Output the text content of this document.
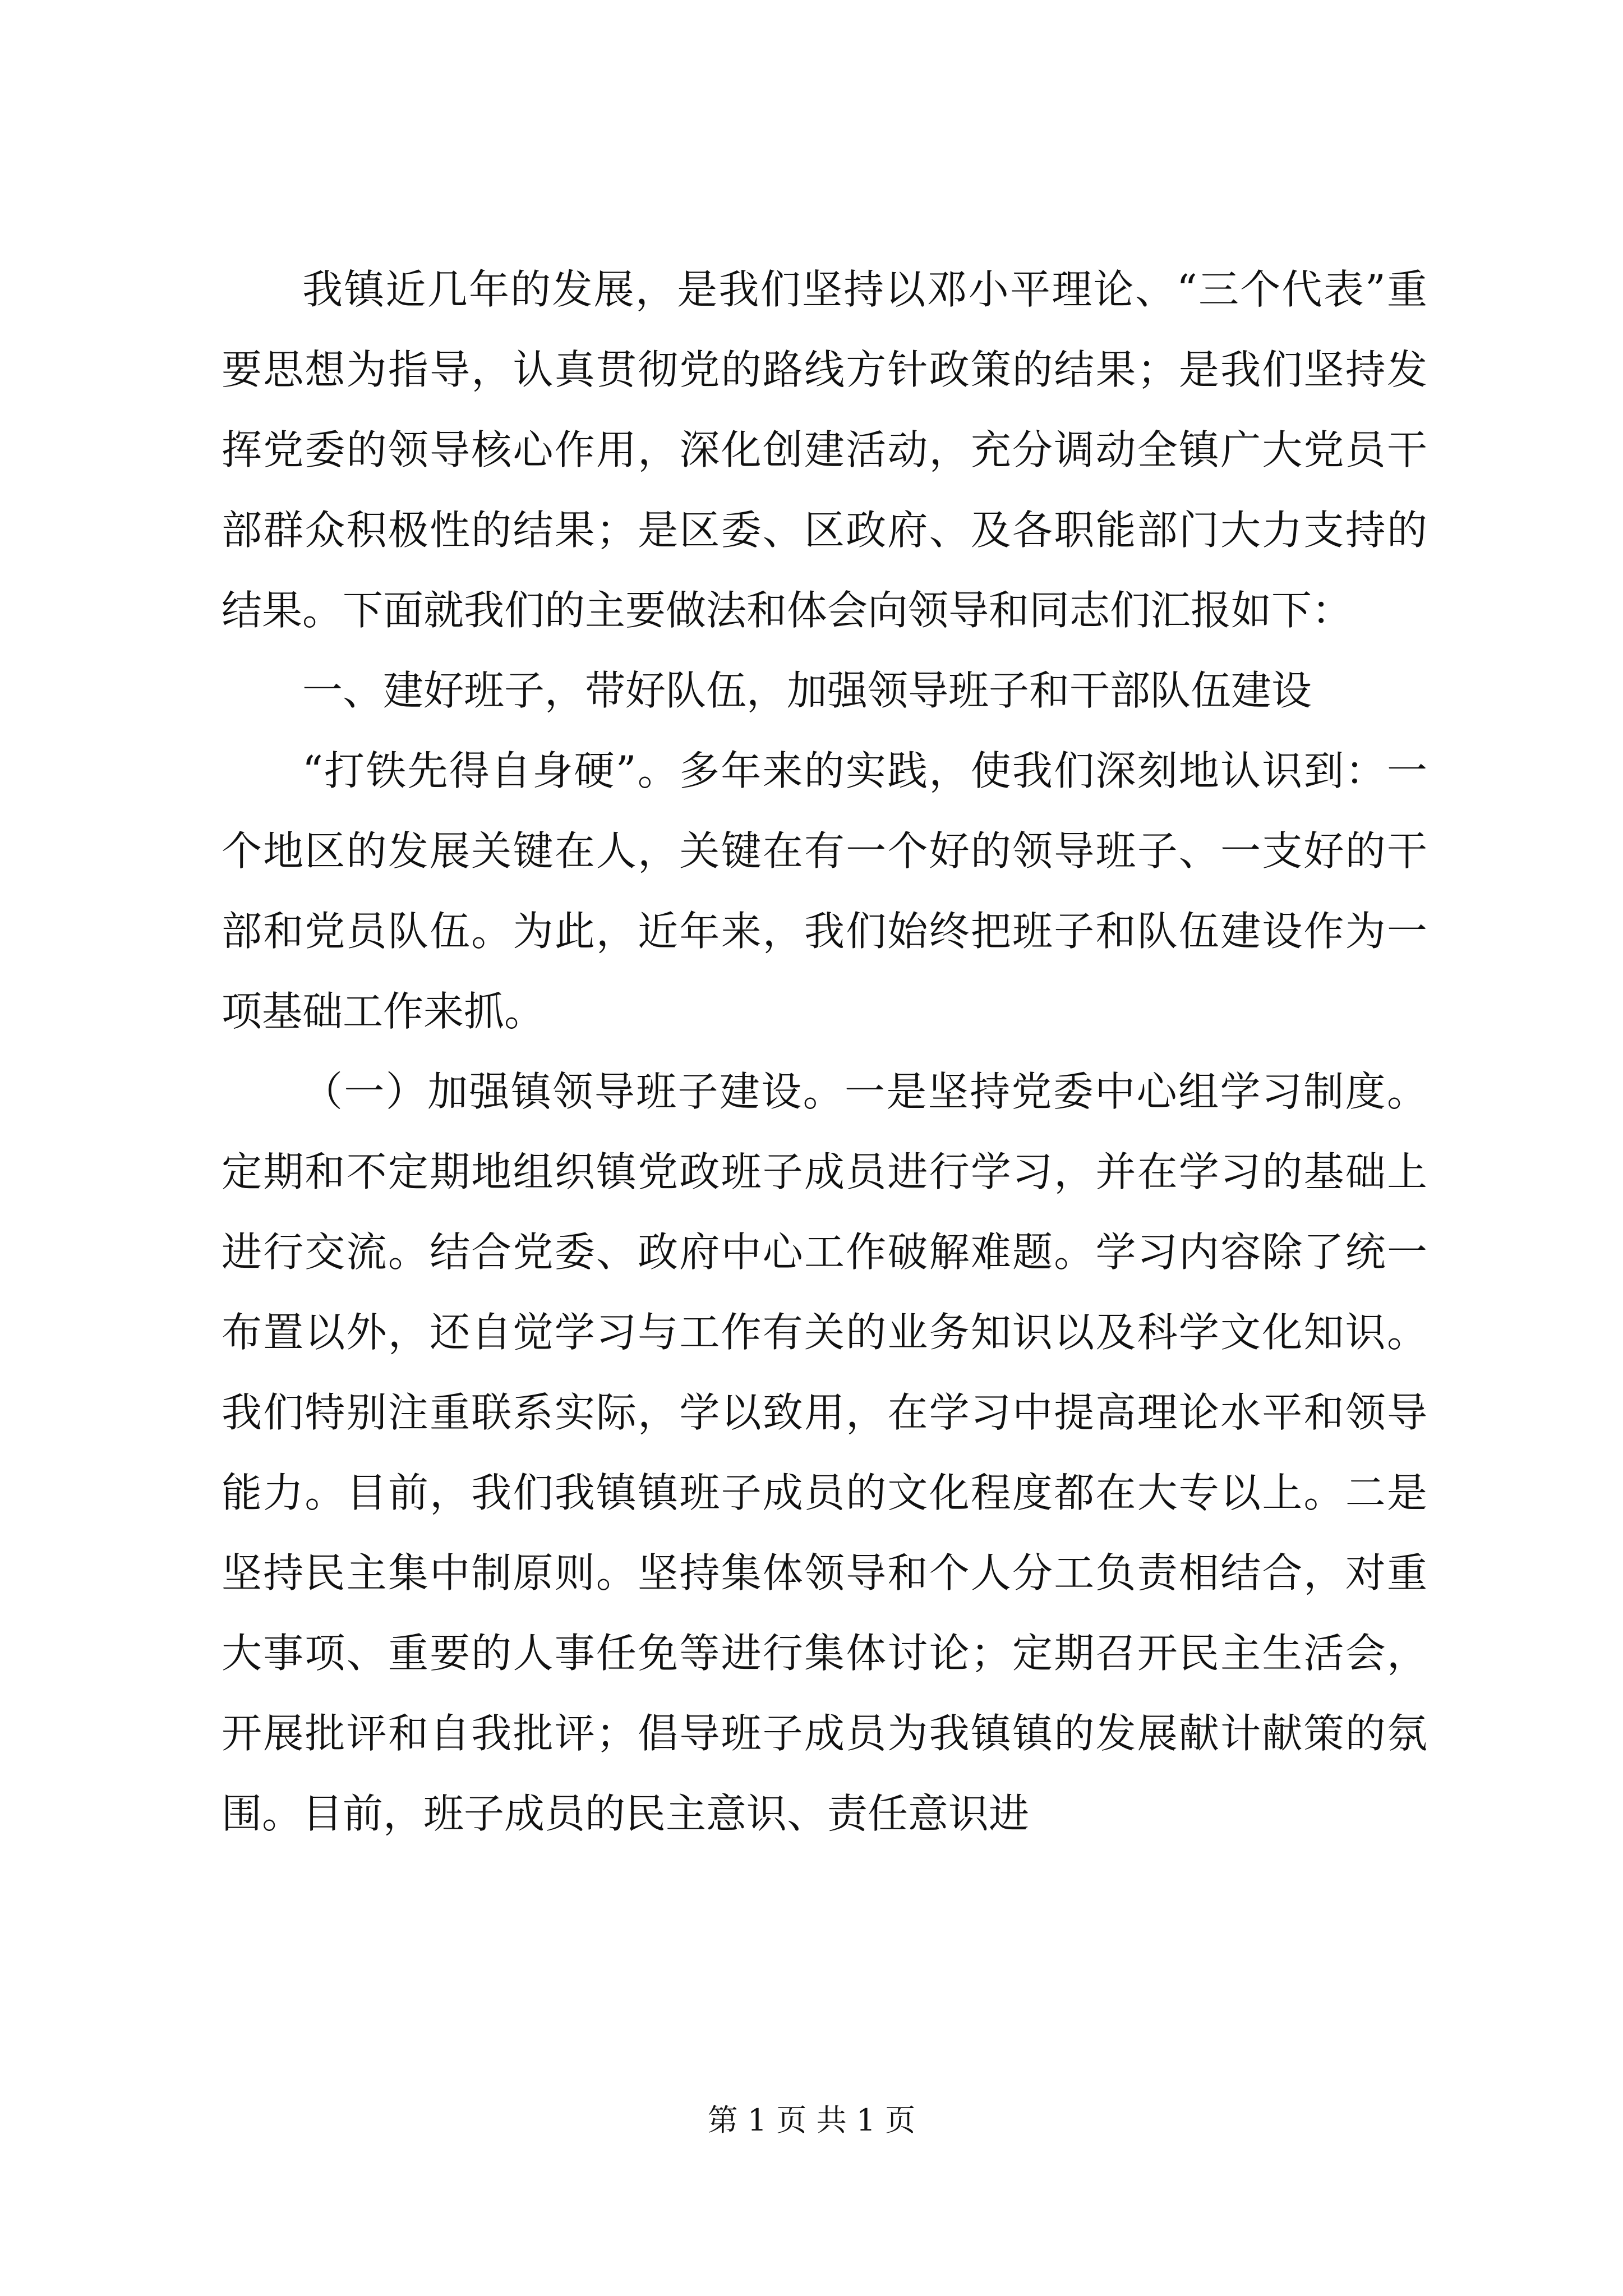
我镇近几年的发展，是我们坚持以邓小平理论、“三个代表”重要思想为指导，认真贯彻党的路线方针政策的结果；是我们坚持发挥党委的领导核心作用，深化创建活动，充分调动全镇广大党员干部群众积极性的结果；是区委、区政府、及各职能部门大力支持的结果。下面就我们的主要做法和体会向领导和同志们汇报如下：

一、建好班子，带好队伍，加强领导班子和干部队伍建设

“打铁先得自身硬”。多年来的实践，使我们深刻地认识到：一个地区的发展关键在人，关键在有一个好的领导班子、一支好的干部和党员队伍。为此，近年来，我们始终把班子和队伍建设作为一项基础工作来抓。

（一）加强镇领导班子建设。一是坚持党委中心组学习制度。定期和不定期地组织镇党政班子成员进行学习，并在学习的基础上进行交流。结合党委、政府中心工作破解难题。学习内容除了统一布置以外，还自觉学习与工作有关的业务知识以及科学文化知识。我们特别注重联系实际，学以致用，在学习中提高理论水平和领导能力。目前，我们我镇镇班子成员的文化程度都在大专以上。二是坚持民主集中制原则。坚持集体领导和个人分工负责相结合，对重大事项、重要的人事任免等进行集体讨论；定期召开民主生活会，开展批评和自我批评；倡导班子成员为我镇镇的发展献计献策的氛围。目前，班子成员的民主意识、责任意识进

第 1 页 共 1 页
